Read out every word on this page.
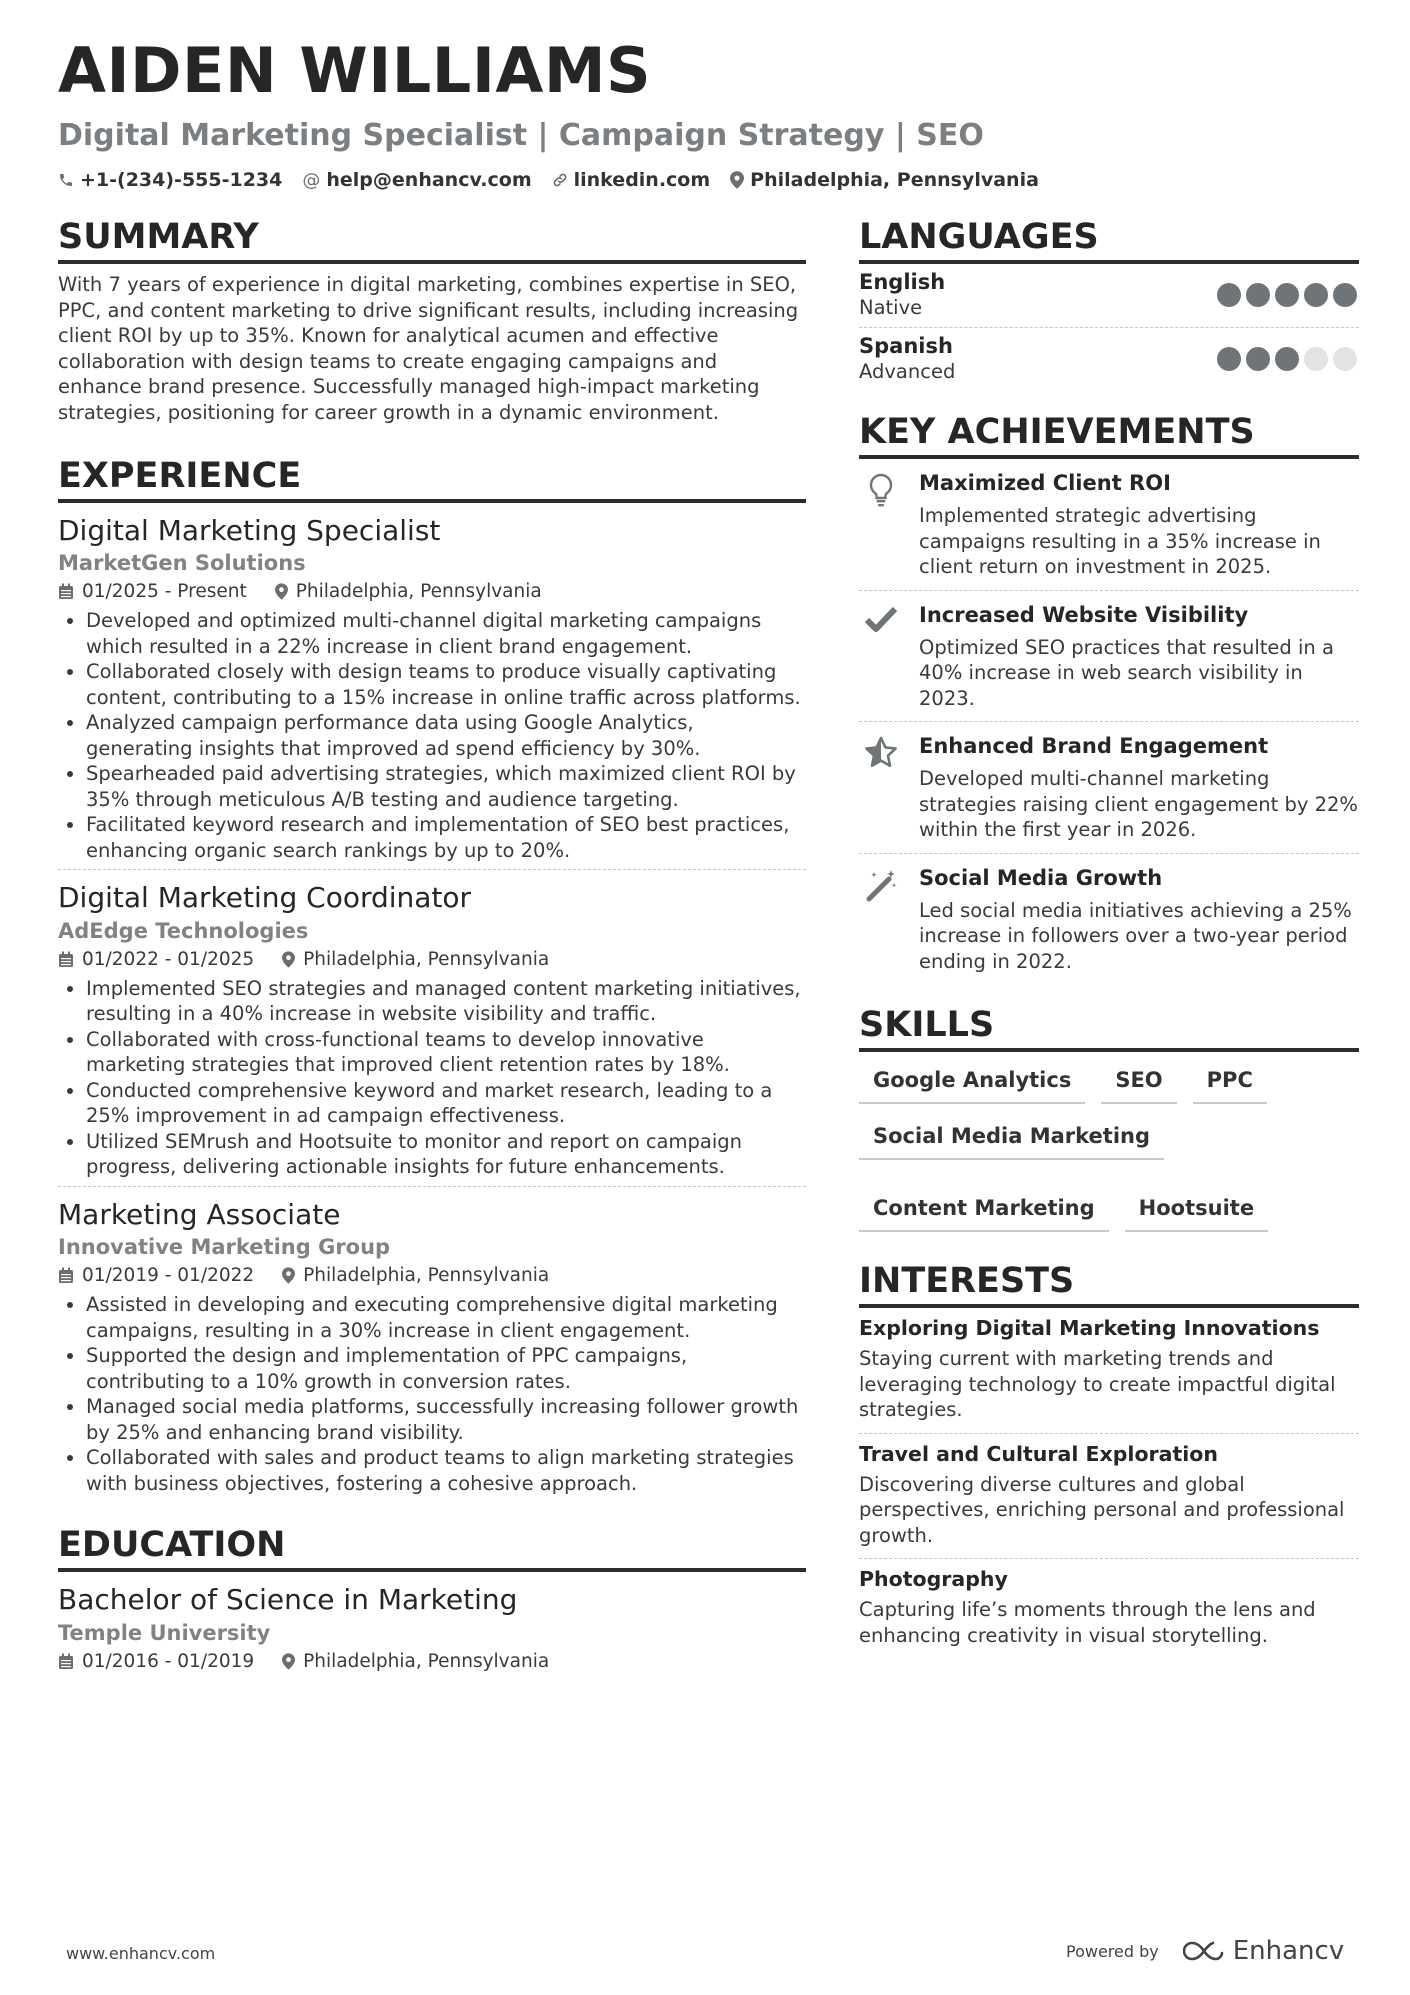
AIDEN WILLIAMS

Digital Marketing Specialist | Campaign Strategy | SEO

+1-(234)-555-1234 @ help@enhancv.com linkedin.com Philadelphia, Pennsylvania
SUMMARY

With 7 years of experience in digital marketing, combines expertise in SEO, PPC, and content marketing to drive significant results, including increasing client ROI by up to 35%. Known for analytical acumen and effective collaboration with design teams to create engaging campaigns and enhance brand presence. Successfully managed high-impact marketing strategies, positioning for career growth in a dynamic environment.

EXPERIENCE

Digital Marketing Specialist

MarketGen Solutions

01/2025 - Present	Philadelphia, Pennsylvania
• Developed and optimized multi-channel digital marketing campaigns which resulted in a 22% increase in client brand engagement.
• Collaborated closely with design teams to produce visually captivating content, contributing to a 15% increase in online traffic across platforms.
• Analyzed campaign performance data using Google Analytics, generating insights that improved ad spend efficiency by 30%.
• Spearheaded paid advertising strategies, which maximized client ROI by 35% through meticulous A/B testing and audience targeting.
• Facilitated keyword research and implementation of SEO best practices, enhancing organic search rankings by up to 20%.

Digital Marketing Coordinator

AdEdge Technologies

01/2022 - 01/2025	Philadelphia, Pennsylvania
• Implemented SEO strategies and managed content marketing initiatives, resulting in a 40% increase in website visibility and traffic.
• Collaborated with cross-functional teams to develop innovative marketing strategies that improved client retention rates by 18%.
• Conducted comprehensive keyword and market research, leading to a 25% improvement in ad campaign effectiveness.
• Utilized SEMrush and Hootsuite to monitor and report on campaign progress, delivering actionable insights for future enhancements.

Marketing Associate

Innovative Marketing Group

01/2019 - 01/2022	Philadelphia, Pennsylvania
• Assisted in developing and executing comprehensive digital marketing campaigns, resulting in a 30% increase in client engagement.
• Supported the design and implementation of PPC campaigns, contributing to a 10% growth in conversion rates.
• Managed social media platforms, successfully increasing follower growth by 25% and enhancing brand visibility.
• Collaborated with sales and product teams to align marketing strategies with business objectives, fostering a cohesive approach.
EDUCATION

Bachelor of Science in Marketing

Temple University

01/2016 - 01/2019	Philadelphia, Pennsylvania
LANGUAGES
English
Native
Spanish
Advanced
KEY ACHIEVEMENTS

Maximized Client ROI

Implemented strategic advertising campaigns resulting in a 35% increase in client return on investment in 2025.

Increased Website Visibility

Optimized SEO practices that resulted in a 40% increase in web search visibility in 2023.

Enhanced Brand Engagement

Developed multi-channel marketing strategies raising client engagement by 22% within the first year in 2026.

Social Media Growth

Led social media initiatives achieving a 25% increase in followers over a two-year period ending in 2022.

SKILLS
Google Analytics	SEO	PPC
Social Media Marketing
Content Marketing	Hootsuite
INTERESTS

Exploring Digital Marketing Innovations

Staying current with marketing trends and leveraging technology to create impactful digital strategies.

Travel and Cultural Exploration

Discovering diverse cultures and global perspectives, enriching personal and professional growth.

Photography

Capturing life’s moments through the lens and enhancing creativity in visual storytelling.

www.enhancv.com	Powered by	Enhancv
